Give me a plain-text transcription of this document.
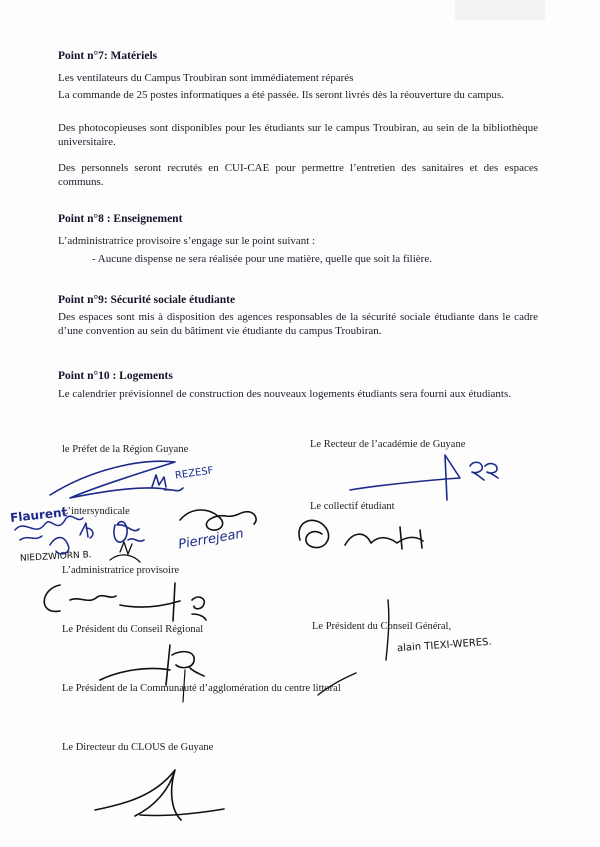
Point n°7: Matériels
Les ventilateurs du Campus Troubiran sont immédiatement réparés
La commande de 25 postes informatiques a été passée. Ils seront livrés dès la réouverture du campus.
Des photocopieuses sont disponibles pour les étudiants sur le campus Troubiran, au sein de la bibliothèque universitaire.
Des personnels seront recrutés en CUI-CAE pour permettre l’entretien des sanitaires et des espaces communs.
Point n°8 : Enseignement
L’administratrice provisoire s’engage sur le point suivant :
- Aucune dispense ne sera réalisée pour une matière, quelle que soit la filière.
Point n°9: Sécurité sociale étudiante
Des espaces sont mis à disposition des agences responsables de la sécurité sociale étudiante dans le cadre d’une convention au sein du bâtiment vie étudiante du campus Troubiran.
Point n°10 : Logements
Le calendrier prévisionnel de construction des nouveaux logements étudiants sera fourni aux étudiants.
le Préfet de la Région Guyane	Le Recteur de l’académie de Guyane
L’intersyndicale	Le collectif étudiant
L’administratrice provisoire
Le Président du Conseil Régional	Le Président du Conseil Général,
Le Président de la Communauté d’agglomération du centre littoral
Le Directeur du CLOUS de Guyane
REZESF
Flaurent
NIEDZWIORN B.
Pierrejean
alain TIEXI-WERES.
